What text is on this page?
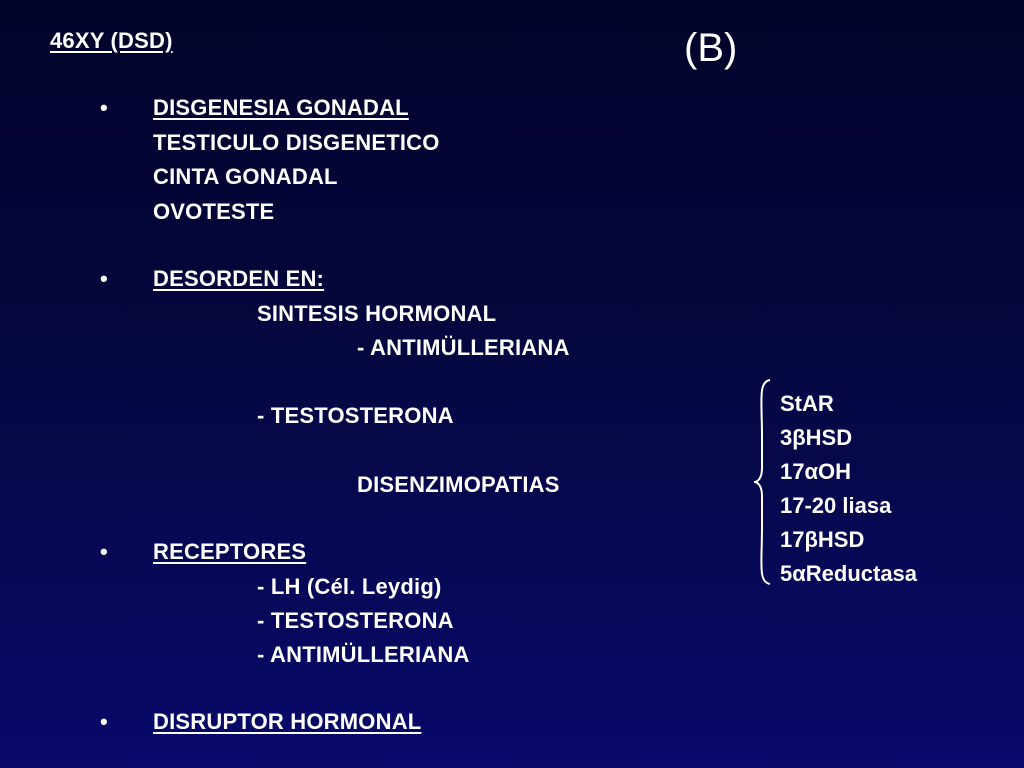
46XY (DSD)	(B)
• DISGENESIA GONADAL
TESTICULO DISGENETICO
CINTA GONADAL
OVOTESTE
• DESORDEN EN:
SINTESIS HORMONAL
- ANTIMÜLLERIANA
- TESTOSTERONA
DISENZIMOPATIAS
StAR
3βHSD
17αOH
17-20 liasa
17βHSD
5αReductasa
• RECEPTORES
- LH (Cél. Leydig)
- TESTOSTERONA
- ANTIMÜLLERIANA
• DISRUPTOR HORMONAL
